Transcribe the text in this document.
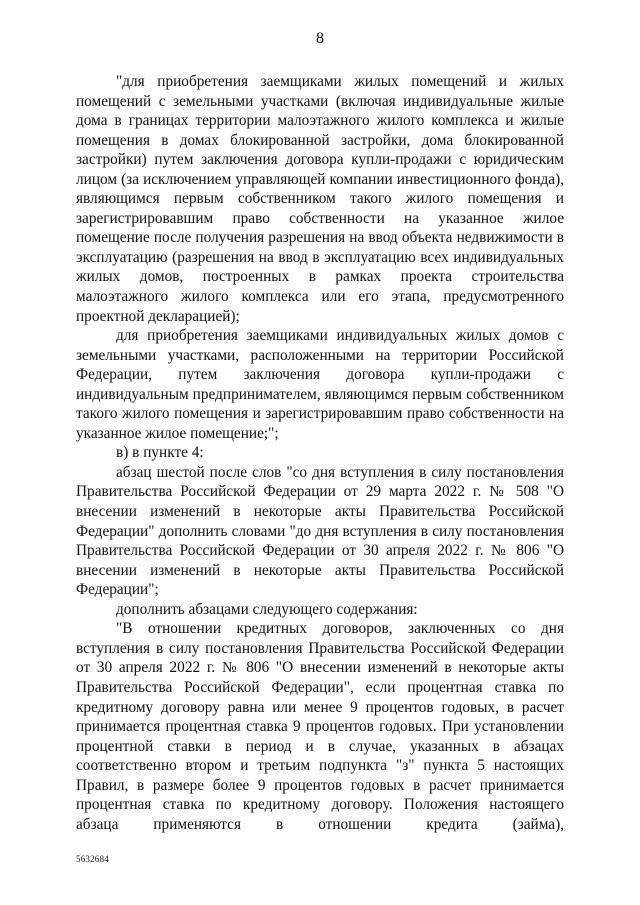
8

"для приобретения заемщиками жилых помещений и жилых помещений с земельными участками (включая индивидуальные жилые дома в границах территории малоэтажного жилого комплекса и жилые помещения в домах блокированной застройки, дома блокированной застройки) путем заключения договора купли-продажи с юридическим лицом (за исключением управляющей компании инвестиционного фонда), являющимся первым собственником такого жилого помещения и зарегистрировавшим право собственности на указанное жилое помещение после получения разрешения на ввод объекта недвижимости в эксплуатацию (разрешения на ввод в эксплуатацию всех индивидуальных жилых домов, построенных в рамках проекта строительства малоэтажного жилого комплекса или его этапа, предусмотренного проектной декларацией);

для приобретения заемщиками индивидуальных жилых домов с земельными участками, расположенными на территории Российской Федерации, путем заключения договора купли-продажи с индивидуальным предпринимателем, являющимся первым собственником такого жилого помещения и зарегистрировавшим право собственности на указанное жилое помещение;";

в) в пункте 4:

абзац шестой после слов "со дня вступления в силу постановления Правительства Российской Федерации от 29 марта 2022 г. № 508 "О внесении изменений в некоторые акты Правительства Российской Федерации" дополнить словами "до дня вступления в силу постановления Правительства Российской Федерации от 30 апреля 2022 г. № 806 "О внесении изменений в некоторые акты Правительства Российской Федерации";

дополнить абзацами следующего содержания:

"В отношении кредитных договоров, заключенных со дня вступления в силу постановления Правительства Российской Федерации от 30 апреля 2022 г. № 806 "О внесении изменений в некоторые акты Правительства Российской Федерации", если процентная ставка по кредитному договору равна или менее 9 процентов годовых, в расчет принимается процентная ставка 9 процентов годовых. При установлении процентной ставки в период и в случае, указанных в абзацах соответственно втором и третьим подпункта "з" пункта 5 настоящих Правил, в размере более 9 процентов годовых в расчет принимается процентная ставка по кредитному договору. Положения настоящего абзаца применяются в отношении кредита (займа),

5632684
